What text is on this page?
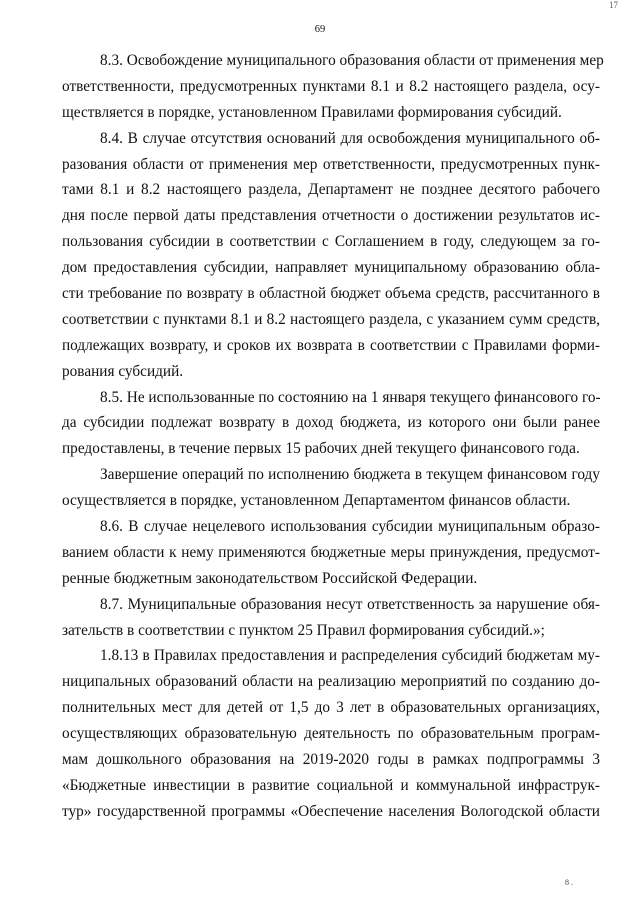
17
69
8.3. Освобождение муниципального образования области от применения мер
ответственности, предусмотренных пунктами 8.1 и 8.2 настоящего раздела, осу-
ществляется в порядке, установленном Правилами формирования субсидий.
8.4. В случае отсутствия оснований для освобождения муниципального об-
разования области от применения мер ответственности, предусмотренных пунк-
тами 8.1 и 8.2 настоящего раздела, Департамент не позднее десятого рабочего
дня после первой даты представления отчетности о достижении результатов ис-
пользования субсидии в соответствии с Соглашением в году, следующем за го-
дом предоставления субсидии, направляет муниципальному образованию обла-
сти требование по возврату в областной бюджет объема средств, рассчитанного в
соответствии с пунктами 8.1 и 8.2 настоящего раздела, с указанием сумм средств,
подлежащих возврату, и сроков их возврата в соответствии с Правилами форми-
рования субсидий.
8.5. Не использованные по состоянию на 1 января текущего финансового го-
да субсидии подлежат возврату в доход бюджета, из которого они были ранее
предоставлены, в течение первых 15 рабочих дней текущего финансового года.
Завершение операций по исполнению бюджета в текущем финансовом году
осуществляется в порядке, установленном Департаментом финансов области.
8.6. В случае нецелевого использования субсидии муниципальным образо-
ванием области к нему применяются бюджетные меры принуждения, предусмот-
ренные бюджетным законодательством Российской Федерации.
8.7. Муниципальные образования несут ответственность за нарушение обя-
зательств в соответствии с пунктом 25 Правил формирования субсидий.»;
1.8.13 в Правилах предоставления и распределения субсидий бюджетам му-
ниципальных образований области на реализацию мероприятий по созданию до-
полнительных мест для детей от 1,5 до 3 лет в образовательных организациях,
осуществляющих образовательную деятельность по образовательным програм-
мам дошкольного образования на 2019-2020 годы в рамках подпрограммы 3
«Бюджетные инвестиции в развитие социальной и коммунальной инфраструк-
тур» государственной программы «Обеспечение населения Вологодской области
8 .
